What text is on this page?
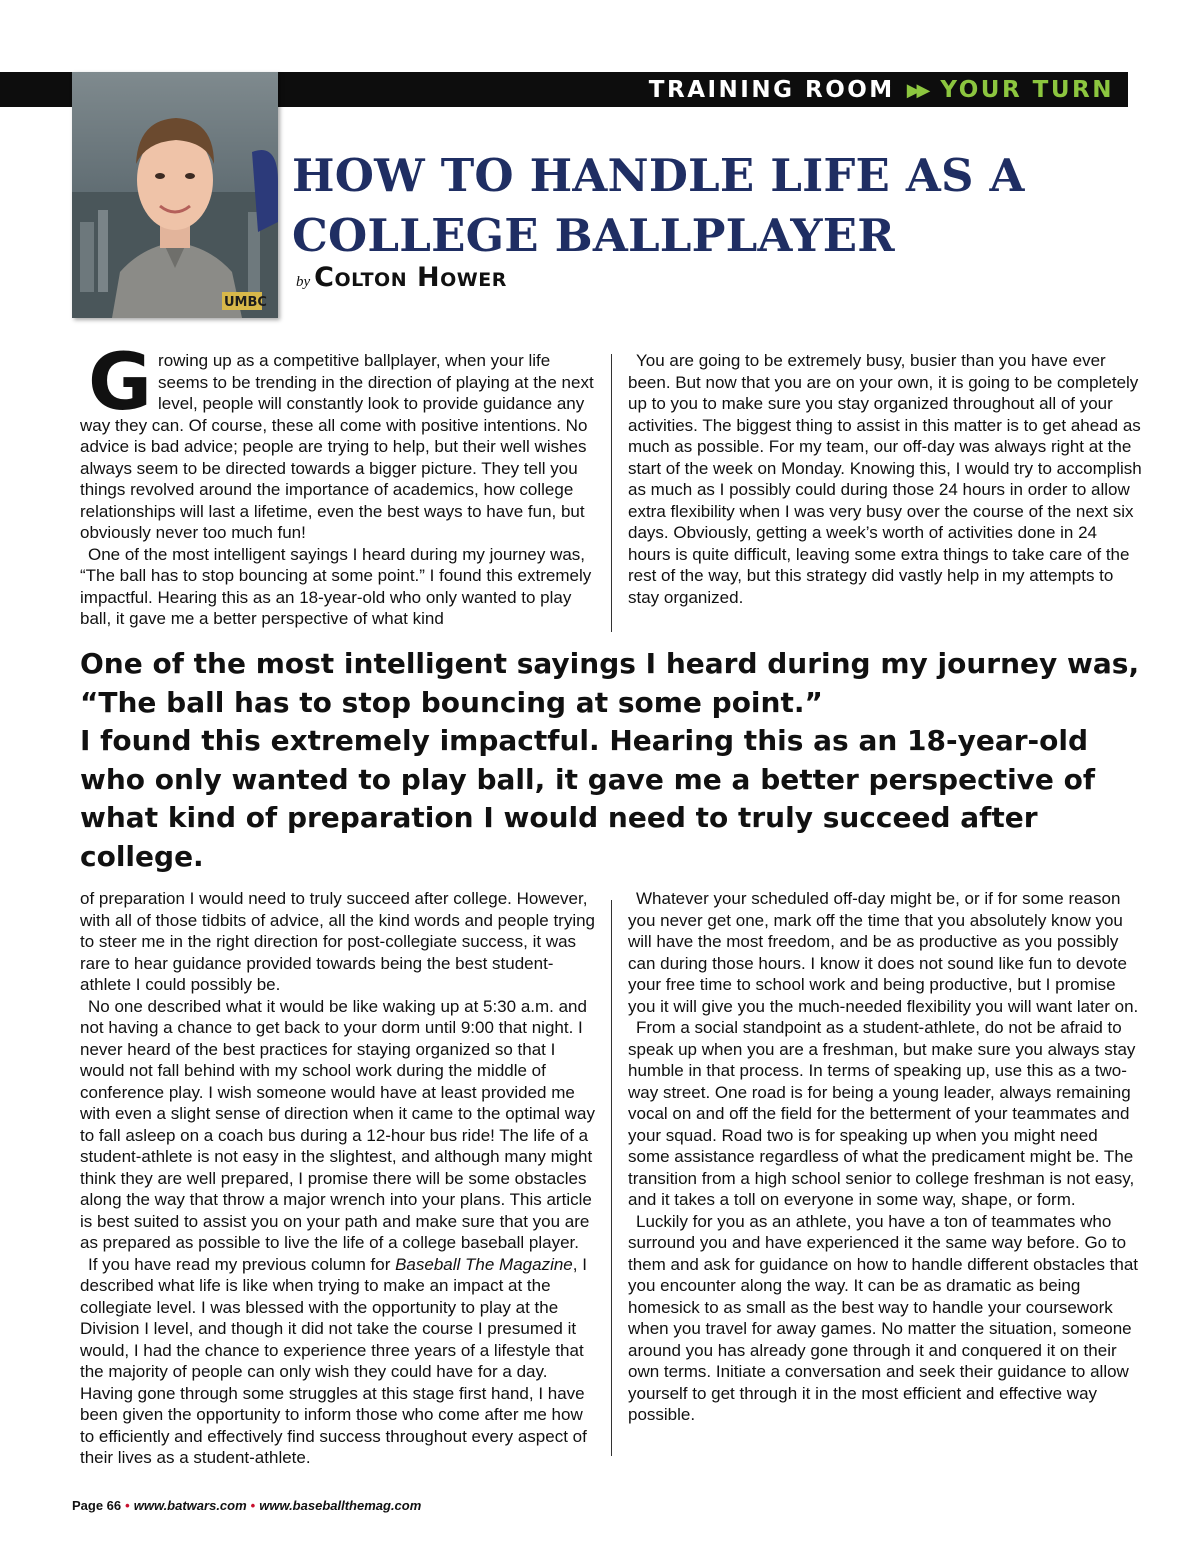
TRAINING ROOM ▶▶ YOUR TURN
UMBC
HOW TO HANDLE LIFE AS A COLLEGE BALLPLAYER
by Colton Hower

Growing up as a competitive ballplayer, when your life seems to be trending in the direction of playing at the next level, people will constantly look to provide guidance any way they can. Of course, these all come with positive intentions. No advice is bad advice; people are trying to help, but their well wishes always seem to be directed towards a bigger picture. They tell you things revolved around the importance of academics, how college relationships will last a lifetime, even the best ways to have fun, but obviously never too much fun!

One of the most intelligent sayings I heard during my journey was, “The ball has to stop bouncing at some point.” I found this extremely impactful. Hearing this as an 18-year-old who only wanted to play ball, it gave me a better perspective of what kind

You are going to be extremely busy, busier than you have ever been. But now that you are on your own, it is going to be completely up to you to make sure you stay organized throughout all of your activities. The biggest thing to assist in this matter is to get ahead as much as possible. For my team, our off-day was always right at the start of the week on Monday. Knowing this, I would try to accomplish as much as I possibly could during those 24 hours in order to allow extra flexibility when I was very busy over the course of the next six days. Obviously, getting a week’s worth of activities done in 24 hours is quite difficult, leaving some extra things to take care of the rest of the way, but this strategy did vastly help in my attempts to stay organized.

One of the most intelligent sayings I heard during my journey was,
“The ball has to stop bouncing at some point.”
I found this extremely impactful. Hearing this as an 18-year-old who only wanted to play ball, it gave me a better perspective of what kind of preparation I would need to truly succeed after college.

of preparation I would need to truly succeed after college. However, with all of those tidbits of advice, all the kind words and people trying to steer me in the right direction for post-collegiate success, it was rare to hear guidance provided towards being the best student-athlete I could possibly be.

No one described what it would be like waking up at 5:30 a.m. and not having a chance to get back to your dorm until 9:00 that night. I never heard of the best practices for staying organized so that I would not fall behind with my school work during the middle of conference play. I wish someone would have at least provided me with even a slight sense of direction when it came to the optimal way to fall asleep on a coach bus during a 12-hour bus ride! The life of a student-athlete is not easy in the slightest, and although many might think they are well prepared, I promise there will be some obstacles along the way that throw a major wrench into your plans. This article is best suited to assist you on your path and make sure that you are as prepared as possible to live the life of a college baseball player.

If you have read my previous column for Baseball The Magazine, I described what life is like when trying to make an impact at the collegiate level. I was blessed with the opportunity to play at the Division I level, and though it did not take the course I presumed it would, I had the chance to experience three years of a lifestyle that the majority of people can only wish they could have for a day. Having gone through some struggles at this stage first hand, I have been given the opportunity to inform those who come after me how to efficiently and effectively find success throughout every aspect of their lives as a student-athlete.

Whatever your scheduled off-day might be, or if for some reason you never get one, mark off the time that you absolutely know you will have the most freedom, and be as productive as you possibly can during those hours. I know it does not sound like fun to devote your free time to school work and being productive, but I promise you it will give you the much-needed flexibility you will want later on.

From a social standpoint as a student-athlete, do not be afraid to speak up when you are a freshman, but make sure you always stay humble in that process. In terms of speaking up, use this as a two-way street. One road is for being a young leader, always remaining vocal on and off the field for the betterment of your teammates and your squad. Road two is for speaking up when you might need some assistance regardless of what the predicament might be. The transition from a high school senior to college freshman is not easy, and it takes a toll on everyone in some way, shape, or form.

Luckily for you as an athlete, you have a ton of teammates who surround you and have experienced it the same way before. Go to them and ask for guidance on how to handle different obstacles that you encounter along the way. It can be as dramatic as being homesick to as small as the best way to handle your coursework when you travel for away games. No matter the situation, someone around you has already gone through it and conquered it on their own terms. Initiate a conversation and seek their guidance to allow yourself to get through it in the most efficient and effective way possible.

Page 66 • www.batwars.com • www.baseballthemag.com
